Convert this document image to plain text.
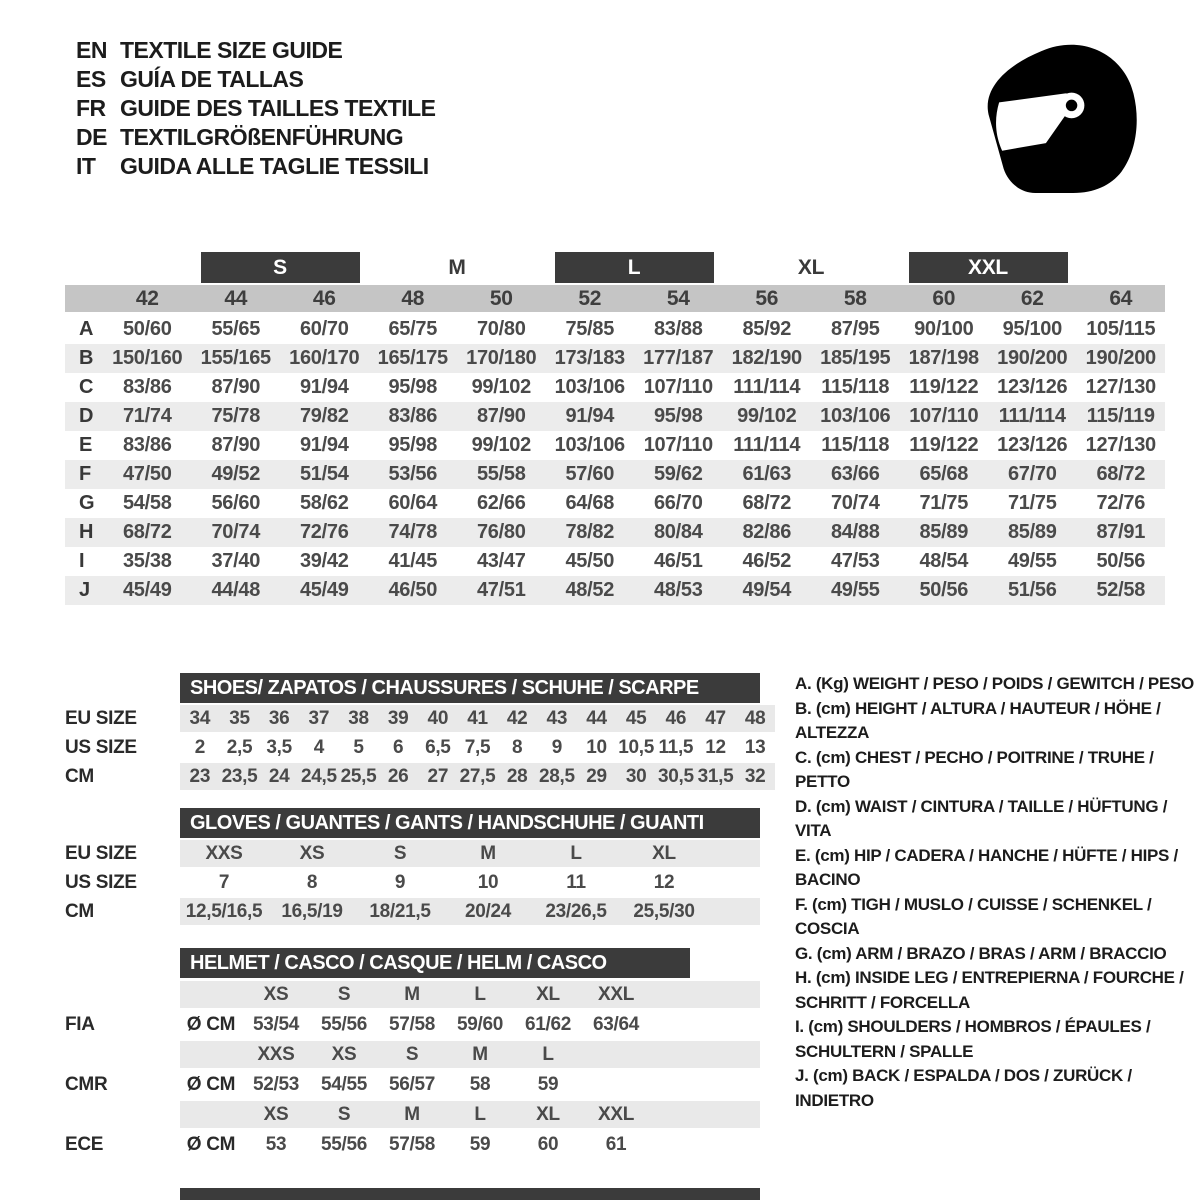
EN TEXTILE SIZE GUIDE
ES GUÍA DE TALLAS
FR GUIDE DES TAILLES TEXTILE
DE TEXTILGRÖßENFÜHRUNG
IT	GUIDA ALLE TAGLIE TESSILI
S	M	L	XL	XXL
42	44	46	48	50	52	54	56	58	60	62	64
A	50/60	55/65	60/70	65/75	70/80	75/85	83/88	85/92	87/95	90/100	95/100	105/115
B 150/160 155/165 160/170 165/175 170/180 173/183 177/187 182/190 185/195 187/198 190/200 190/200
C	83/86	87/90	91/94	95/98	99/102	103/106 107/110	111/114	115/118 119/122 123/126 127/130
D	71/74	75/78	79/82	83/86	87/90	91/94	95/98	99/102	103/106 107/110	111/114	115/119
E	83/86	87/90	91/94	95/98	99/102	103/106 107/110	111/114	115/118 119/122 123/126 127/130
F	47/50	49/52	51/54	53/56	55/58	57/60	59/62	61/63	63/66	65/68	67/70	68/72
G	54/58	56/60	58/62	60/64	62/66	64/68	66/70	68/72	70/74	71/75	71/75	72/76
H	68/72	70/74	72/76	74/78	76/80	78/82	80/84	82/86	84/88	85/89	85/89	87/91
I	35/38	37/40	39/42	41/45	43/47	45/50	46/51	46/52	47/53	48/54	49/55	50/56
J	45/49	44/48	45/49	46/50	47/51	48/52	48/53	49/54	49/55	50/56	51/56	52/58
SHOES/ ZAPATOS / CHAUSSURES / SCHUHE / SCARPE
EU SIZE	34	35	36	37	38	39	40	41	42	43	44	45	46	47	48
US SIZE	2	2,5 3,5	4	5	6	6,5 7,5	8	9	10 10,5 11,5 12	13
CM	23 23,5 24 24,5 25,5 26	27 27,5 28 28,5 29	30 30,5 31,5 32
GLOVES / GUANTES / GANTS / HANDSCHUHE / GUANTI
EU SIZE	XXS	XS	S	M	L	XL
US SIZE	7	8	9	10	11	12
CM	12,5/16,5	16,5/19	18/21,5	20/24	23/26,5	25,5/30
HELMET / CASCO / CASQUE / HELM / CASCO
XS	S	M	L	XL	XXL
FIA	Ø CM 53/54	55/56	57/58	59/60	61/62	63/64
XXS	XS	S	M	L
CMR	Ø CM 52/53	54/55	56/57	58	59
XS	S	M	L	XL	XXL
ECE	Ø CM	53	55/56	57/58	59	60	61
A. (Kg) WEIGHT / PESO / POIDS / GEWITCH / PESO
B. (cm) HEIGHT / ALTURA / HAUTEUR / HÖHE / ALTEZZA
C. (cm) CHEST / PECHO / POITRINE / TRUHE / PETTO
D. (cm) WAIST / CINTURA / TAILLE / HÜFTUNG / VITA
E. (cm) HIP / CADERA / HANCHE / HÜFTE / HIPS / BACINO
F. (cm) TIGH / MUSLO / CUISSE / SCHENKEL / COSCIA
G. (cm) ARM / BRAZO / BRAS / ARM / BRACCIO
H. (cm) INSIDE LEG / ENTREPIERNA / FOURCHE / SCHRITT / FORCELLA
I. (cm) SHOULDERS / HOMBROS / ÉPAULES / SCHULTERN / SPALLE
J. (cm) BACK / ESPALDA / DOS / ZURÜCK / INDIETRO
